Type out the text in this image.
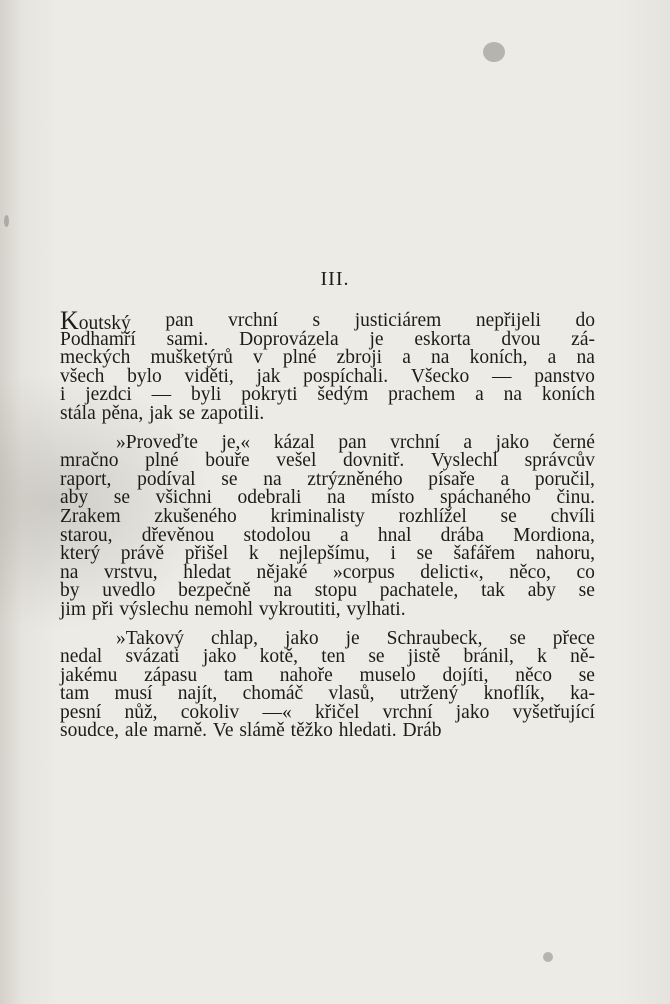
III.
Koutský pan vrchní s justiciárem nepřijeli do
Podhamří sami. Doprovázela je eskorta dvou zá-
meckých mušketýrů v plné zbroji a na koních, a na
všech bylo viděti, jak pospíchali. Všecko — panstvo
i jezdci — byli pokryti šedým prachem a na koních
stála pěna, jak se zapotili.
»Proveďte je,« kázal pan vrchní a jako černé
mračno plné bouře vešel dovnitř. Vyslechl správcův
raport, podíval se na ztrýzněného písaře a poručil,
aby se všichni odebrali na místo spáchaného činu.
Zrakem zkušeného kriminalisty rozhlížel se chvíli
starou, dřevěnou stodolou a hnal drába Mordiona,
který právě přišel k nejlepšímu, i se šafářem nahoru,
na vrstvu, hledat nějaké »corpus delicti«, něco, co
by uvedlo bezpečně na stopu pachatele, tak aby se
jim při výslechu nemohl vykroutiti, vylhati.
»Takový chlap, jako je Schraubeck, se přece
nedal svázati jako kotě, ten se jistě bránil, k ně-
jakému zápasu tam nahoře muselo dojíti, něco se
tam musí najít, chomáč vlasů, utržený knoflík, ka-
pesní nůž, cokoliv —« křičel vrchní jako vyšetřující
soudce, ale marně. Ve slámě těžko hledati. Dráb
